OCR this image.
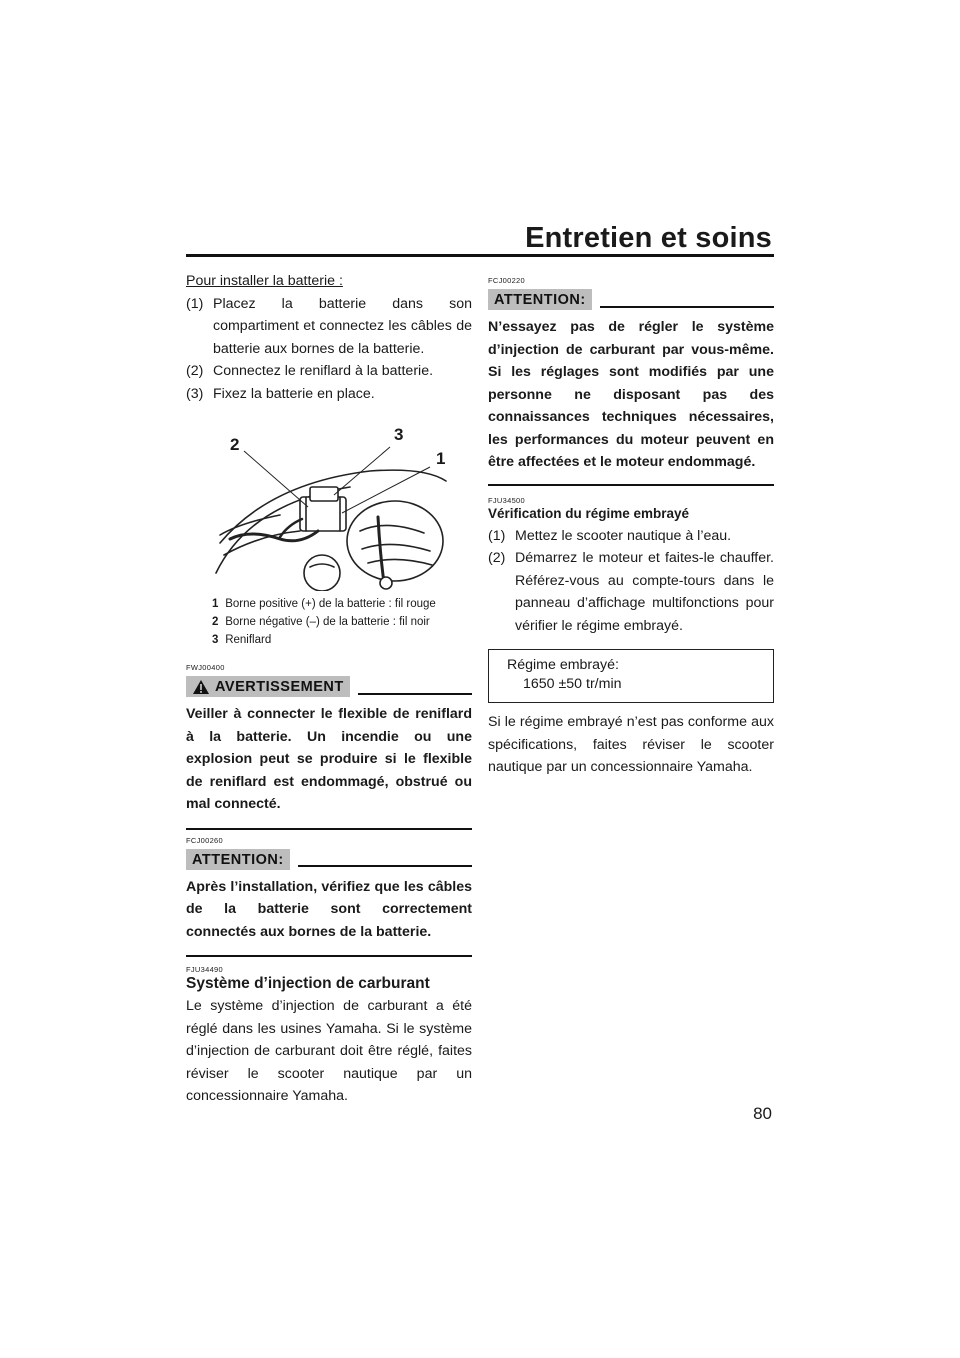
Entretien et soins
Pour installer la batterie :
(1) Placez la batterie dans son compartiment et connectez les câbles de batterie aux bornes de la batterie.
(2) Connectez le reniflard à la batterie.
(3) Fixez la batterie en place.
2
3
1
1 Borne positive (+) de la batterie : fil rouge
2 Borne négative (–) de la batterie : fil noir
3 Reniflard
FWJ00400
AVERTISSEMENT
Veiller à connecter le flexible de reniflard à la batterie. Un incendie ou une explosion peut se produire si le flexible de reniflard est endommagé, obstrué ou mal connecté.
FCJ00260
ATTENTION:
Après l’installation, vérifiez que les câbles de la batterie sont correctement connectés aux bornes de la batterie.
FJU34490
Système d’injection de carburant
Le système d’injection de carburant a été réglé dans les usines Yamaha. Si le système d’injection de carburant doit être réglé, faites réviser le scooter nautique par un concessionnaire Yamaha.
FCJ00220
ATTENTION:
N’essayez pas de régler le système d’injection de carburant par vous-même. Si les réglages sont modifiés par une personne ne disposant pas des connaissances techniques nécessaires, les performances du moteur peuvent en être affectées et le moteur endommagé.
FJU34500
Vérification du régime embrayé
(1) Mettez le scooter nautique à l’eau.
(2) Démarrez le moteur et faites-le chauffer. Référez-vous au compte-tours dans le panneau d’affichage multifonctions pour vérifier le régime embrayé.
Régime embrayé:
1650 ±50 tr/min
Si le régime embrayé n’est pas conforme aux spécifications, faites réviser le scooter nautique par un concessionnaire Yamaha.
80
